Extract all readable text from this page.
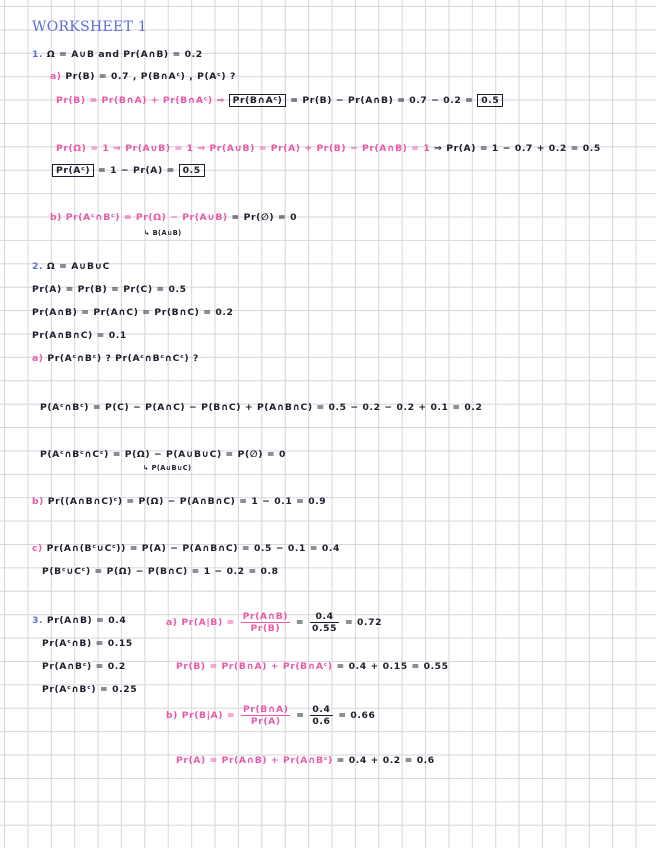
WORKSHEET 1
1. Ω = A∪B and Pr(A∩B) = 0.2
a) Pr(B) = 0.7 , P(B∩Aᶜ) , P(Aᶜ) ?
Pr(B) = Pr(B∩A) + Pr(B∩Aᶜ) ⇒ Pr(B∩Aᶜ) = Pr(B) − Pr(A∩B) = 0.7 − 0.2 = 0.5
Pr(Ω) = 1 ⇒ Pr(A∪B) = 1 ⇒ Pr(A∪B) = Pr(A) + Pr(B) − Pr(A∩B) = 1 ⇒ Pr(A) = 1 − 0.7 + 0.2 = 0.5
Pr(Aᶜ) = 1 − Pr(A) = 0.5
b) Pr(Aᶜ∩Bᶜ) = Pr(Ω) − Pr(A∪B) = Pr(∅) = 0
↳ B(A∪B)
2. Ω = A∪B∪C
Pr(A) = Pr(B) = Pr(C) = 0.5
Pr(A∩B) = Pr(A∩C) = Pr(B∩C) = 0.2
Pr(A∩B∩C) = 0.1
a) Pr(Aᶜ∩Bᶜ) ? Pr(Aᶜ∩Bᶜ∩Cᶜ) ?
P(Aᶜ∩Bᶜ) = P(C) − P(A∩C) − P(B∩C) + P(A∩B∩C) = 0.5 − 0.2 − 0.2 + 0.1 = 0.2
P(Aᶜ∩Bᶜ∩Cᶜ) = P(Ω) − P(A∪B∪C) = P(∅) = 0
↳ P(A∪B∪C)
b) Pr((A∩B∩C)ᶜ) = P(Ω) − P(A∩B∩C) = 1 − 0.1 = 0.9
c) Pr(A∩(Bᶜ∪Cᶜ)) = P(A) − P(A∩B∩C) = 0.5 − 0.1 = 0.4
P(Bᶜ∪Cᶜ) = P(Ω) − P(B∩C) = 1 − 0.2 = 0.8
3. Pr(A∩B) = 0.4
Pr(Aᶜ∩B) = 0.15
Pr(A∩Bᶜ) = 0.2
Pr(Aᶜ∩Bᶜ) = 0.25
a) $Pr(A|B) = \frac{Pr(A\cap B)}{Pr(B)} = \frac{0.4}{0.55} = 0.72$
Pr(B) = Pr(B∩A) + Pr(B∩Aᶜ) = 0.4 + 0.15 = 0.55
b) $Pr(B|A) = \frac{Pr(B\cap A)}{Pr(A)} = \frac{0.4}{0.6} = 0.66$
Pr(A) = Pr(A∩B) + Pr(A∩Bᶜ) = 0.4 + 0.2 = 0.6
